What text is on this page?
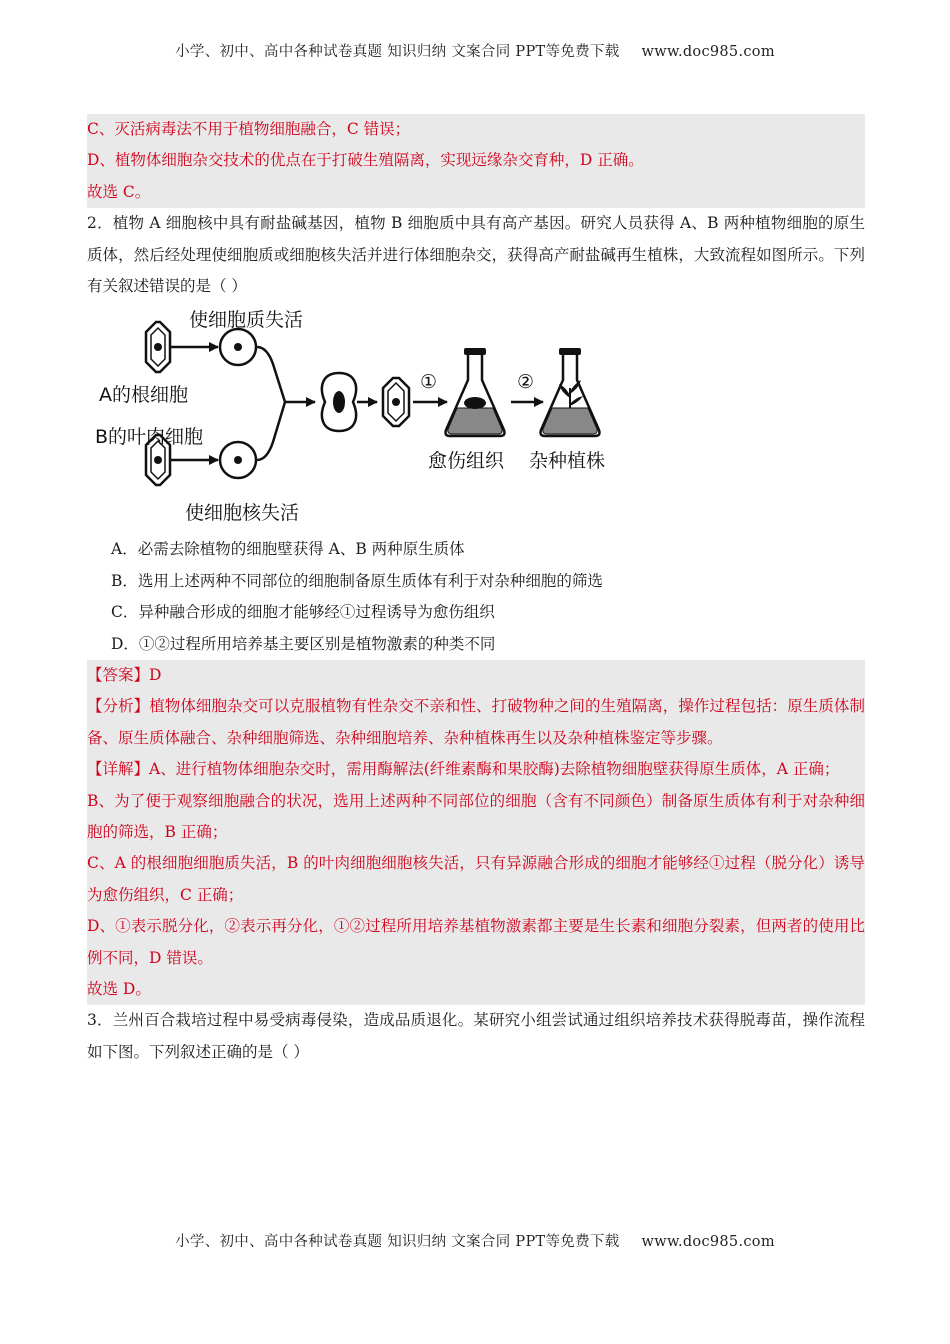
小学、初中、高中各种试卷真题 知识归纳 文案合同 PPT等免费下载 www.doc985.com
C、灭活病毒法不用于植物细胞融合，C 错误；
D、植物体细胞杂交技术的优点在于打破生殖隔离，实现远缘杂交育种，D 正确。
故选 C。
2．植物 A 细胞核中具有耐盐碱基因，植物 B 细胞质中具有高产基因。研究人员获得 A、B 两种植物细胞的原生质体，然后经处理使细胞质或细胞核失活并进行体细胞杂交，获得高产耐盐碱再生植株，大致流程如图所示。下列有关叙述错误的是（ ）
使细胞质失活
A的根细胞
B的叶肉细胞
使细胞核失活
①	②
愈伤组织 杂种植株
A．必需去除植物的细胞壁获得 A、B 两种原生质体
B．选用上述两种不同部位的细胞制备原生质体有利于对杂种细胞的筛选
C．异种融合形成的细胞才能够经①过程诱导为愈伤组织
D．①②过程所用培养基主要区别是植物激素的种类不同
【答案】D
【分析】植物体细胞杂交可以克服植物有性杂交不亲和性、打破物种之间的生殖隔离，操作过程包括：原生质体制备、原生质体融合、杂种细胞筛选、杂种细胞培养、杂种植株再生以及杂种植株鉴定等步骤。
【详解】A、进行植物体细胞杂交时，需用酶解法(纤维素酶和果胶酶)去除植物细胞壁获得原生质体，A 正确；
B、为了便于观察细胞融合的状况，选用上述两种不同部位的细胞（含有不同颜色）制备原生质体有利于对杂种细胞的筛选，B 正确；
C、A 的根细胞细胞质失活，B 的叶肉细胞细胞核失活，只有异源融合形成的细胞才能够经①过程（脱分化）诱导为愈伤组织，C 正确；
D、①表示脱分化，②表示再分化，①②过程所用培养基植物激素都主要是生长素和细胞分裂素，但两者的使用比例不同，D 错误。
故选 D。
3．兰州百合栽培过程中易受病毒侵染，造成品质退化。某研究小组尝试通过组织培养技术获得脱毒苗，操作流程如下图。下列叙述正确的是（ ）
小学、初中、高中各种试卷真题 知识归纳 文案合同 PPT等免费下载 www.doc985.com
